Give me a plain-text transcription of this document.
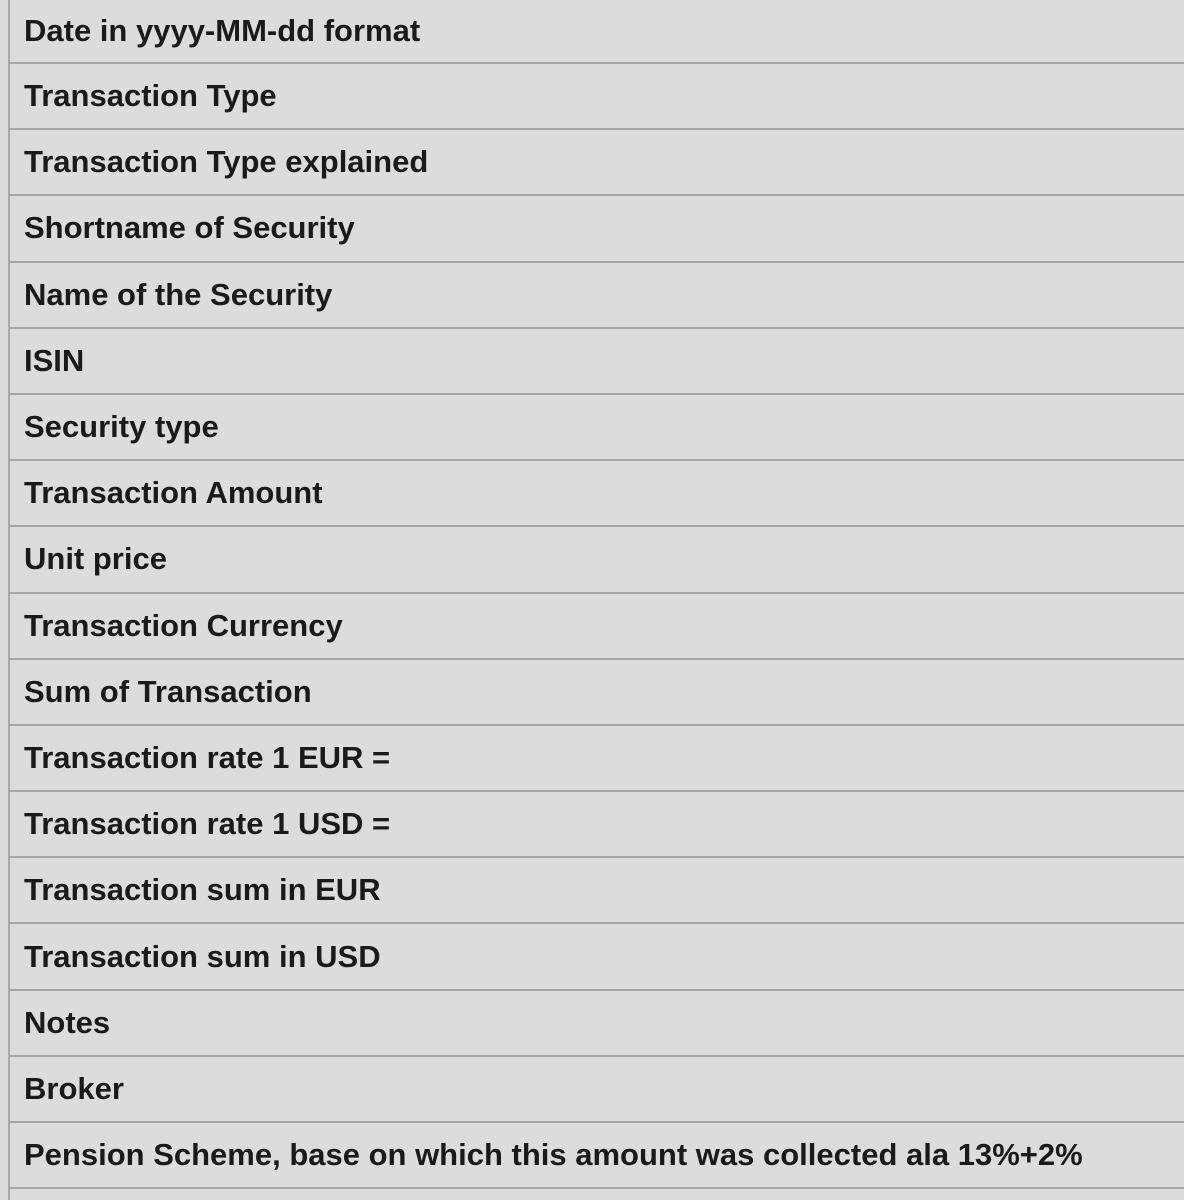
Date in yyyy-MM-dd format
Transaction Type
Transaction Type explained
Shortname of Security
Name of the Security
ISIN
Security type
Transaction Amount
Unit price
Transaction Currency
Sum of Transaction
Transaction rate 1 EUR =
Transaction rate 1 USD =
Transaction sum in EUR
Transaction sum in USD
Notes
Broker
Pension Scheme, base on which this amount was collected ala 13%+2%
